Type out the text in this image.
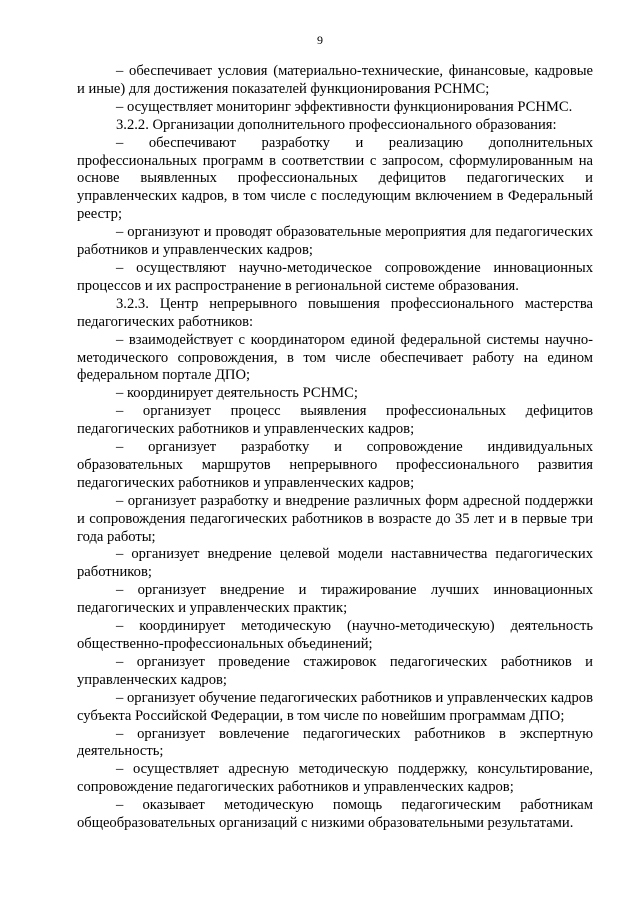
9

– обеспечивает условия (материально-технические, финансовые, кадровые и иные) для достижения показателей функционирования РСНМС;

– осуществляет мониторинг эффективности функционирования РСНМС.

3.2.2. Организации дополнительного профессионального образования:

– обеспечивают разработку и реализацию дополнительных профессиональных программ в соответствии с запросом, сформулированным на основе выявленных профессиональных дефицитов педагогических и управленческих кадров, в том числе с последующим включением в Федеральный реестр;

– организуют и проводят образовательные мероприятия для педагогических работников и управленческих кадров;

– осуществляют научно-методическое сопровождение инновационных процессов и их распространение в региональной системе образования.

3.2.3. Центр непрерывного повышения профессионального мастерства педагогических работников:

– взаимодействует с координатором единой федеральной системы научно-методического сопровождения, в том числе обеспечивает работу на едином федеральном портале ДПО;

– координирует деятельность РСНМС;

– организует процесс выявления профессиональных дефицитов педагогических работников и управленческих кадров;

– организует разработку и сопровождение индивидуальных образовательных маршрутов непрерывного профессионального развития педагогических работников и управленческих кадров;

– организует разработку и внедрение различных форм адресной поддержки и сопровождения педагогических работников в возрасте до 35 лет и в первые три года работы;

– организует внедрение целевой модели наставничества педагогических работников;

– организует внедрение и тиражирование лучших инновационных педагогических и управленческих практик;

– координирует методическую (научно-методическую) деятельность общественно-профессиональных объединений;

– организует проведение стажировок педагогических работников и управленческих кадров;

– организует обучение педагогических работников и управленческих кадров субъекта Российской Федерации, в том числе по новейшим программам ДПО;

– организует вовлечение педагогических работников в экспертную деятельность;

– осуществляет адресную методическую поддержку, консультирование, сопровождение педагогических работников и управленческих кадров;

– оказывает методическую помощь педагогическим работникам общеобразовательных организаций с низкими образовательными результатами.
